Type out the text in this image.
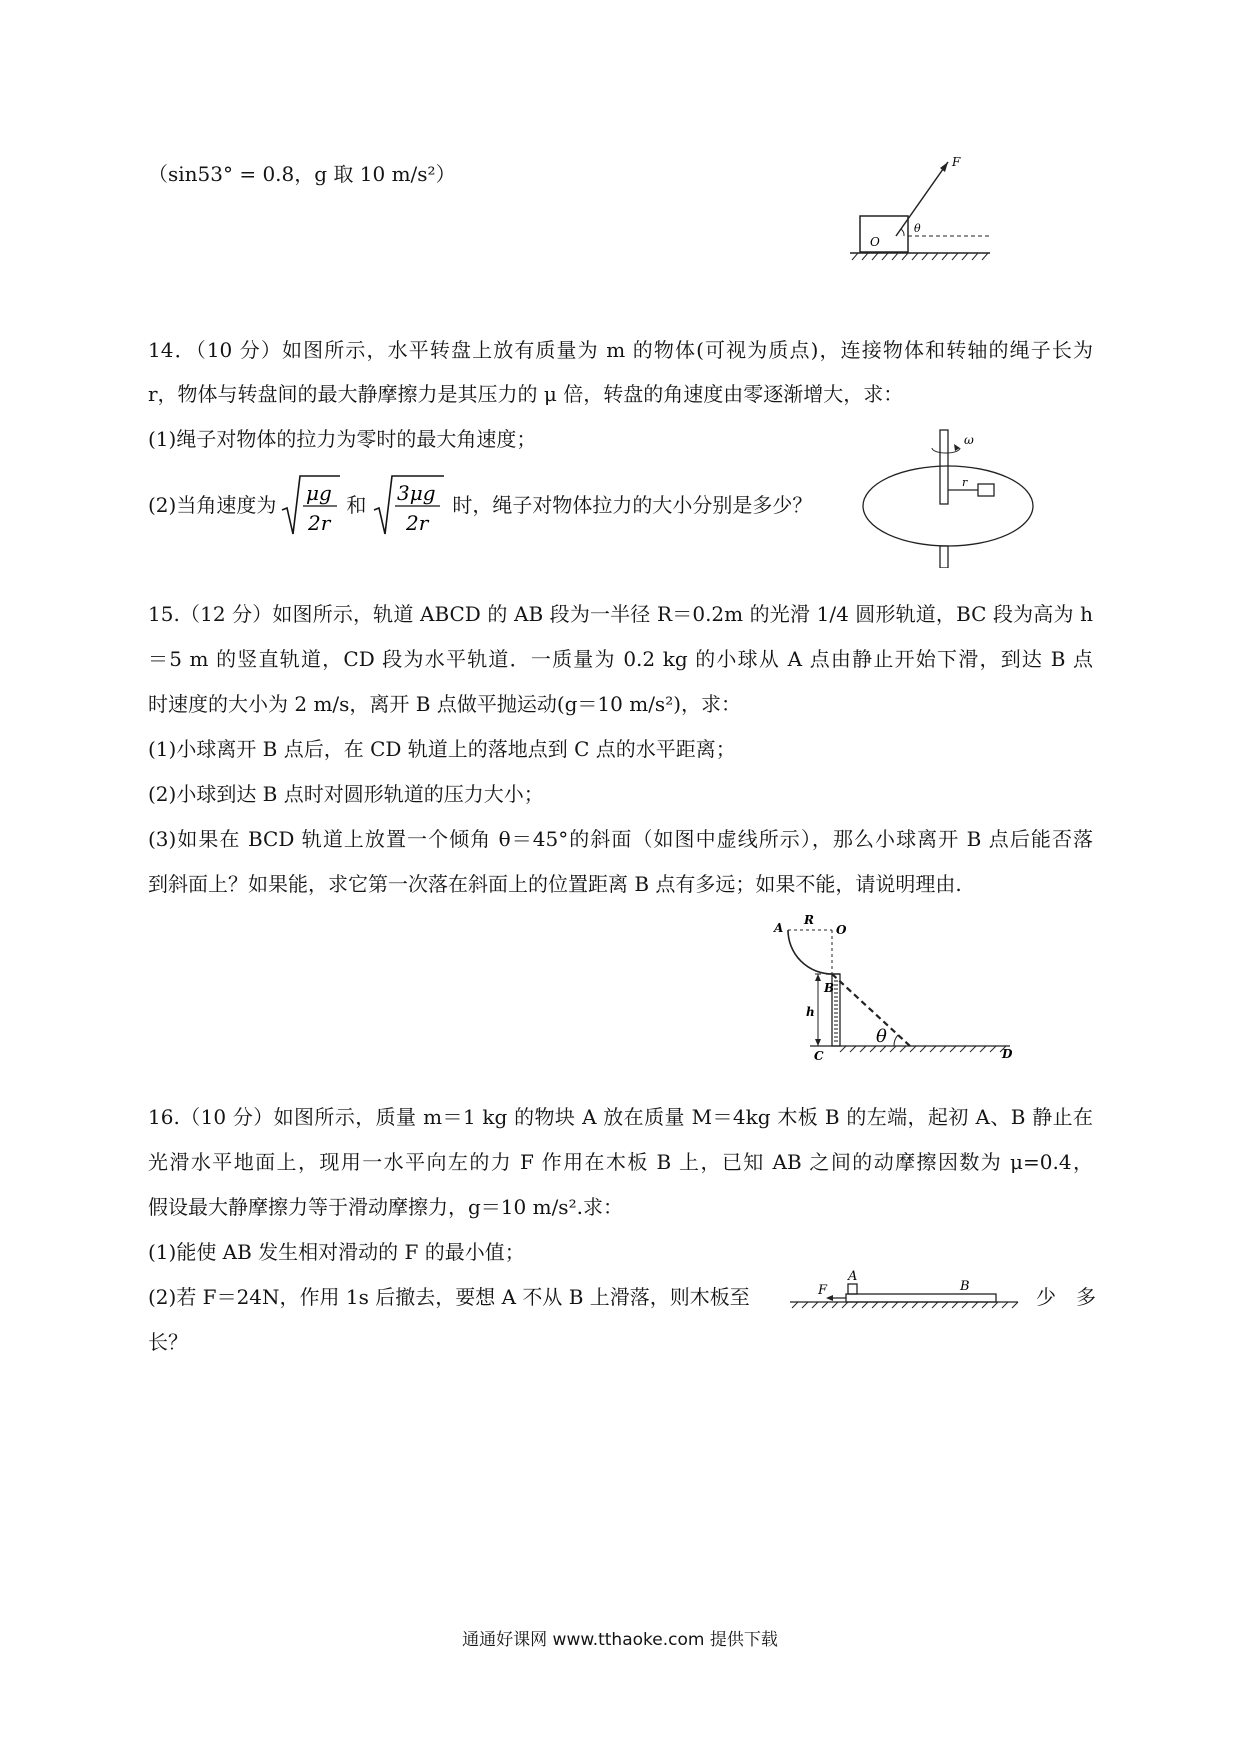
（sin53° = 0.8，g 取 10 m/s²）	F
θ
O
14．（10 分）如图所示，水平转盘上放有质量为 m 的物体(可视为质点)，连接物体和转轴的绳子长为
r，物体与转盘间的最大静摩擦力是其压力的 μ 倍，转盘的角速度由零逐渐增大，求：
(1)绳子对物体的拉力为零时的最大角速度；
(2)当角速度为 μg
2r
和 3μg
2r
时，绳子对物体拉力的大小分别是多少？
ω
r
15.（12 分）如图所示，轨道 ABCD 的 AB 段为一半径 R＝0.2m 的光滑 1/4 圆形轨道，BC 段为高为 h
＝5 m 的竖直轨道，CD 段为水平轨道．一质量为 0.2 kg 的小球从 A 点由静止开始下滑，到达 B 点
时速度的大小为 2 m/s，离开 B 点做平抛运动(g＝10 m/s²)，求：
(1)小球离开 B 点后，在 CD 轨道上的落地点到 C 点的水平距离；
(2)小球到达 B 点时对圆形轨道的压力大小；
(3)如果在 BCD 轨道上放置一个倾角 θ＝45°的斜面（如图中虚线所示），那么小球离开 B 点后能否落
到斜面上？如果能，求它第一次落在斜面上的位置距离 B 点有多远；如果不能，请说明理由.
A
R
O
B
h
C	D
θ
16.（10 分）如图所示，质量 m＝1 kg 的物块 A 放在质量 M＝4kg 木板 B 的左端，起初 A、B 静止在
光滑水平地面上，现用一水平向左的力 F 作用在木板 B 上，已知 AB 之间的动摩擦因数为 μ=0.4，
假设最大静摩擦力等于滑动摩擦力，g＝10 m/s².求：
(1)能使 AB 发生相对滑动的 F 的最小值；
(2)若 F＝24N，作用 1s 后撤去，要想 A 不从 B 上滑落，则木板至	少　多
长？
F
A
B
通通好课网 www.tthaoke.com 提供下载
